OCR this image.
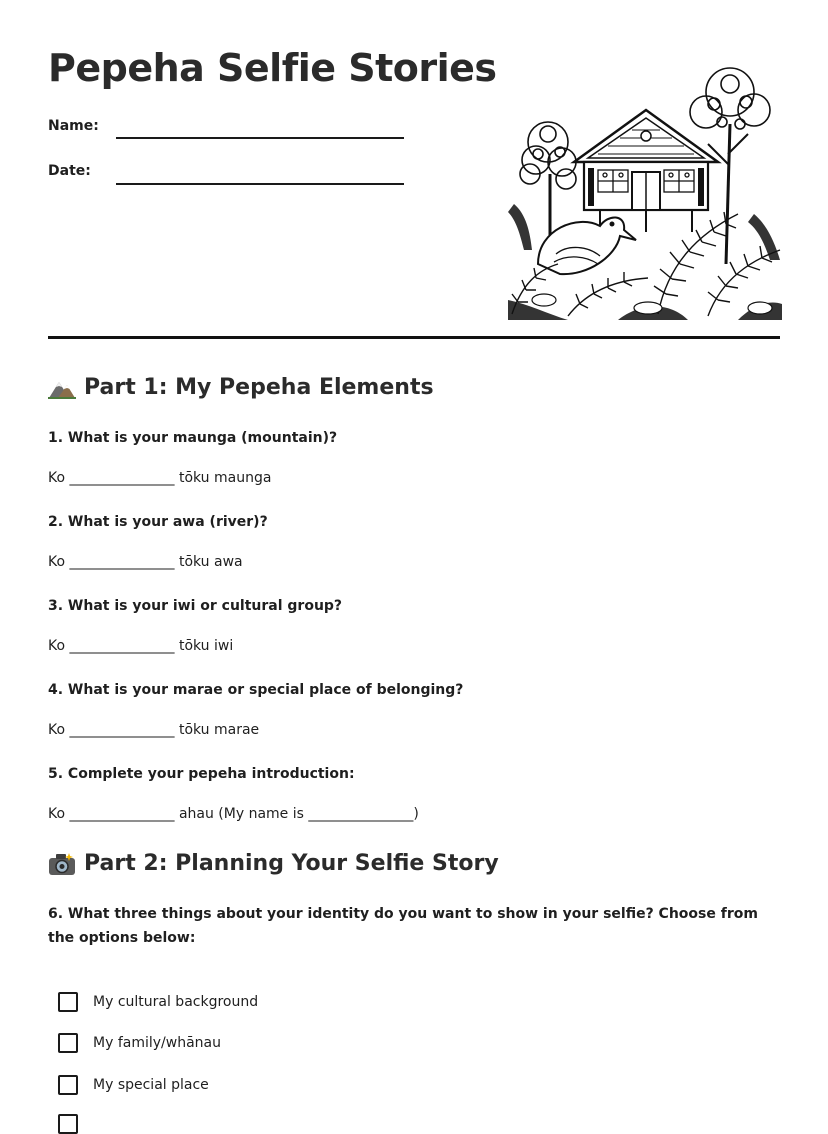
Pepeha Selfie Stories
Name:
Date:
Part 1: My Pepeha Elements

1. What is your maunga (mountain)?

Ko _______________ tōku maunga

2. What is your awa (river)?

Ko _______________ tōku awa

3. What is your iwi or cultural group?

Ko _______________ tōku iwi

4. What is your marae or special place of belonging?

Ko _______________ tōku marae

5. Complete your pepeha introduction:

Ko _______________ ahau (My name is _______________)

Part 2: Planning Your Selfie Story

6. What three things about your identity do you want to show in your selfie? Choose from the options below:

My cultural background
My family/whānau
My special place
